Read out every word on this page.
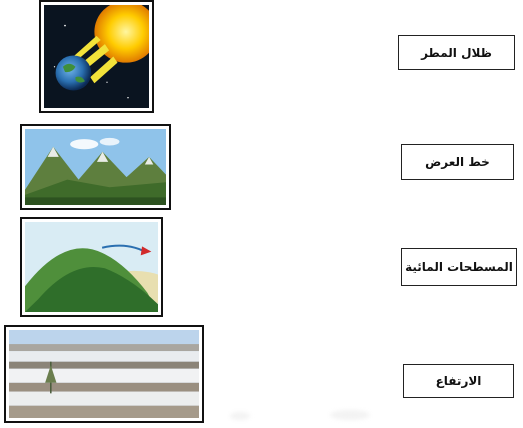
ظلال المطر
خط العرض
المسطحات المائية
الارتفاع
